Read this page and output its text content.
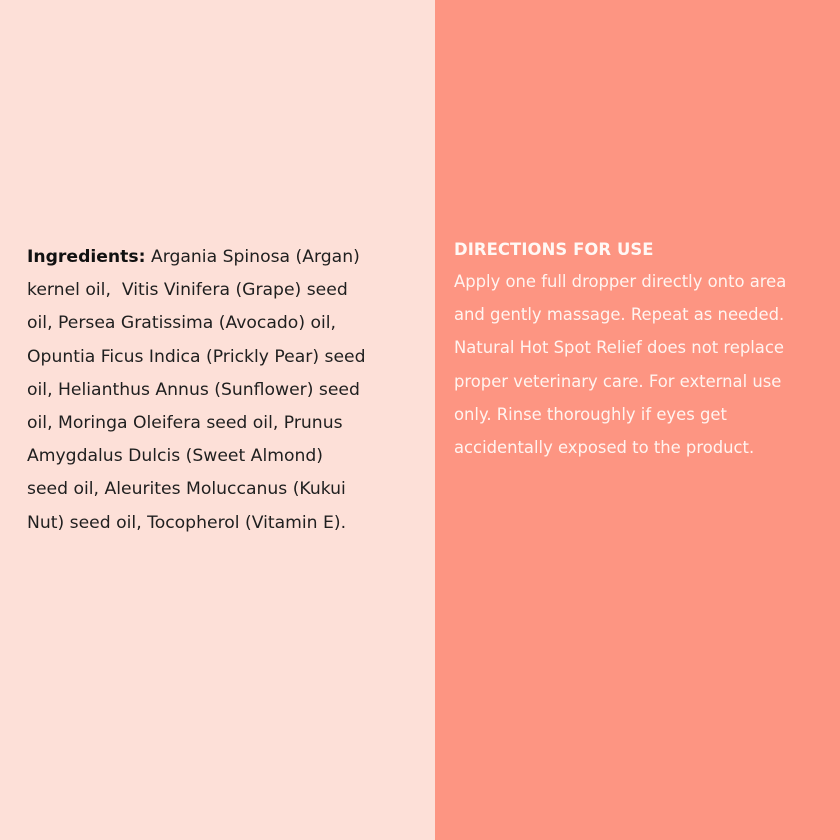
Ingredients: Argania Spinosa (Argan)
kernel oil,  Vitis Vinifera (Grape) seed
oil, Persea Gratissima (Avocado) oil,
Opuntia Ficus Indica (Prickly Pear) seed
oil, Helianthus Annus (Sunflower) seed
oil, Moringa Oleifera seed oil, Prunus
Amygdalus Dulcis (Sweet Almond)
seed oil, Aleurites Moluccanus (Kukui
Nut) seed oil, Tocopherol (Vitamin E).

DIRECTIONS FOR USE

Apply one full dropper directly onto area
and gently massage. Repeat as needed.
Natural Hot Spot Relief does not replace
proper veterinary care. For external use
only. Rinse thoroughly if eyes get
accidentally exposed to the product.
